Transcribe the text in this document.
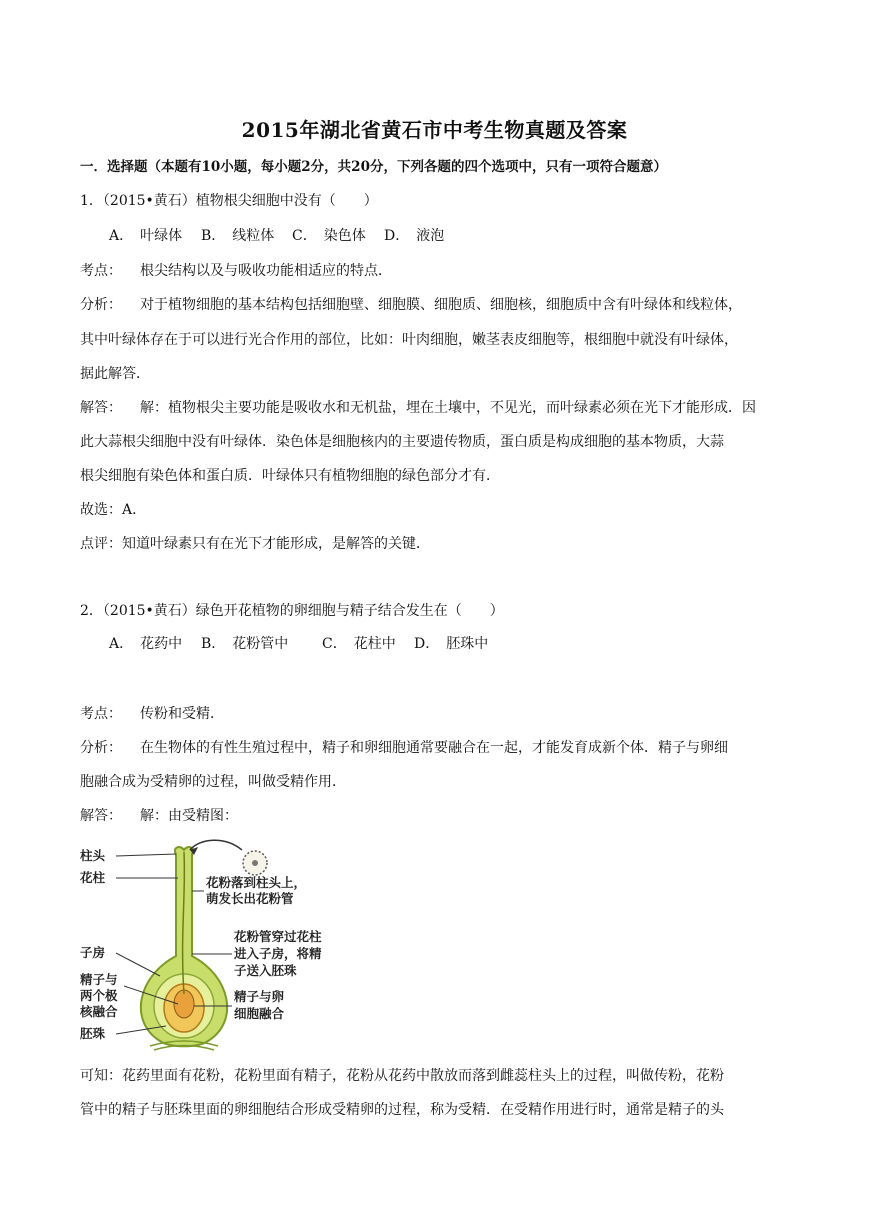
2015年湖北省黄石市中考生物真题及答案
一．选择题（本题有10小题，每小题2分，共20分，下列各题的四个选项中，只有一项符合题意）
1．（2015•黄石）植物根尖细胞中没有（　　）
A．　叶绿体 B．　线粒体 C．　染色体 D．　液泡
考点： 根尖结构以及与吸收功能相适应的特点．
分析： 对于植物细胞的基本结构包括细胞壁、细胞膜、细胞质、细胞核，细胞质中含有叶绿体和线粒体，
其中叶绿体存在于可以进行光合作用的部位，比如：叶肉细胞，嫩茎表皮细胞等，根细胞中就没有叶绿体，
据此解答．
解答： 解：植物根尖主要功能是吸收水和无机盐，埋在土壤中，不见光，而叶绿素必须在光下才能形成．因
此大蒜根尖细胞中没有叶绿体．染色体是细胞核内的主要遗传物质，蛋白质是构成细胞的基本物质，大蒜
根尖细胞有染色体和蛋白质．叶绿体只有植物细胞的绿色部分才有．
故选：A．
点评：知道叶绿素只有在光下才能形成，是解答的关键．
2．（2015•黄石）绿色开花植物的卵细胞与精子结合发生在（　　）
A．　花药中 B．　花粉管中 C．　花柱中 D．　胚珠中
考点： 传粉和受精．
分析： 在生物体的有性生殖过程中，精子和卵细胞通常要融合在一起，才能发育成新个体．精子与卵细
胞融合成为受精卵的过程，叫做受精作用．
解答： 解：由受精图：
柱头
花柱
子房
精子与
两个极
核融合
胚珠
花粉落到柱头上，
萌发长出花粉管
花粉管穿过花柱
进入子房，将精
子送入胚珠
精子与卵
细胞融合
可知：花药里面有花粉，花粉里面有精子，花粉从花药中散放而落到雌蕊柱头上的过程，叫做传粉，花粉
管中的精子与胚珠里面的卵细胞结合形成受精卵的过程，称为受精．在受精作用进行时，通常是精子的头
